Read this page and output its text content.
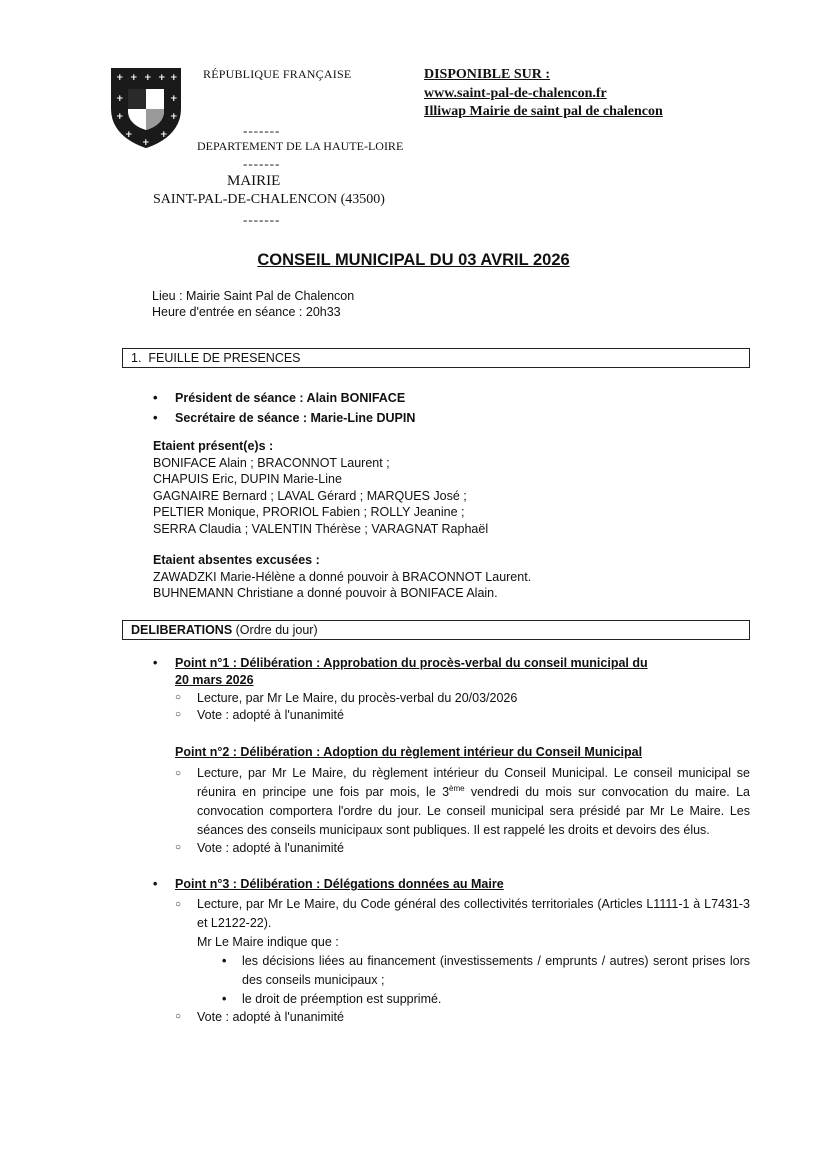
+ + + + +
+	+
+	+
+	+
+
RÉPUBLIQUE FRANÇAISE
-------
DEPARTEMENT DE LA HAUTE-LOIRE
-------
MAIRIE
SAINT-PAL-DE-CHALENCON (43500)
-------
DISPONIBLE SUR :
www.saint-pal-de-chalencon.fr
Illiwap Mairie de saint pal de chalencon
CONSEIL MUNICIPAL DU 03 AVRIL 2026
Lieu : Mairie Saint Pal de Chalencon
Heure d'entrée en séance : 20h33
1. FEUILLE DE PRESENCES
•	Président de séance : Alain BONIFACE
•	Secrétaire de séance : Marie-Line DUPIN
Etaient présent(e)s :
BONIFACE Alain ; BRACONNOT Laurent ;
CHAPUIS Eric, DUPIN Marie-Line
GAGNAIRE Bernard ; LAVAL Gérard ; MARQUES José ;
PELTIER Monique, PRORIOL Fabien ; ROLLY Jeanine ;
SERRA Claudia ; VALENTIN Thérèse ; VARAGNAT Raphaël
Etaient absentes excusées :
ZAWADZKI Marie-Hélène a donné pouvoir à BRACONNOT Laurent.
BUHNEMANN Christiane a donné pouvoir à BONIFACE Alain.
DELIBERATIONS (Ordre du jour)
• Point n°1 : Délibération : Approbation du procès-verbal du conseil municipal du
20 mars 2026
○ Lecture, par Mr Le Maire, du procès-verbal du 20/03/2026
○ Vote : adopté à l'unanimité
Point n°2 : Délibération : Adoption du règlement intérieur du Conseil Municipal
○ Lecture, par Mr Le Maire, du règlement intérieur du Conseil Municipal. Le conseil municipal se réunira en principe une fois par mois, le 3ème vendredi du mois sur convocation du maire. La convocation comportera l'ordre du jour. Le conseil municipal sera présidé par Mr Le Maire. Les séances des conseils municipaux sont publiques. Il est rappelé les droits et devoirs des élus.
○ Vote : adopté à l'unanimité
• Point n°3 : Délibération : Délégations données au Maire
○ Lecture, par Mr Le Maire, du Code général des collectivités territoriales (Articles L1111-1 à L7431-3 et L2122-22).
Mr Le Maire indique que :
• les décisions liées au financement (investissements / emprunts / autres) seront prises lors des conseils municipaux ;
• le droit de préemption est supprimé.
○ Vote : adopté à l'unanimité
